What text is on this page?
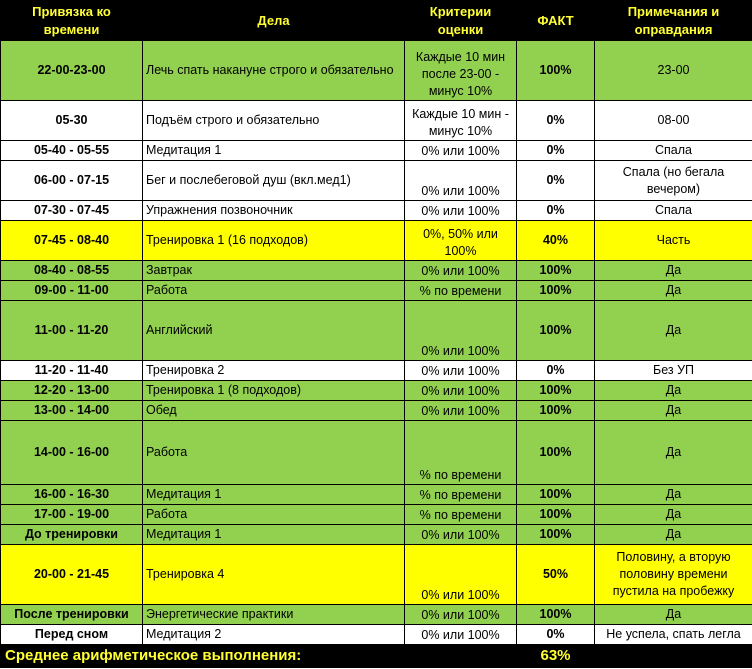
Привязка ко времени	Дела	Критерии оценки	ФАКТ	Примечания и оправдания
22-00-23-00	Лечь спать накануне строго и обязательно	Каждые 10 мин после 23-00 - минус 10%	100%	23-00
05-30	Подъём строго и обязательно	Каждые 10 мин - минус 10%	0%	08-00
05-40 - 05-55	Медитация 1	0% или 100%	0%	Спала
06-00 - 07-15	Бег и послебеговой душ (вкл.мед1)	0% или 100%	0%	Спала (но бегала вечером)
07-30 - 07-45	Упражнения позвоночник	0% или 100%	0%	Спала
07-45 - 08-40	Тренировка 1 (16 подходов)	0%, 50% или 100%	40%	Часть
08-40 - 08-55	Завтрак	0% или 100%	100%	Да
09-00 - 11-00	Работа	% по времени	100%	Да
11-00 - 11-20	Английский	0% или 100%	100%	Да
11-20 - 11-40	Тренировка 2	0% или 100%	0%	Без УП
12-20 - 13-00	Тренировка 1 (8 подходов)	0% или 100%	100%	Да
13-00 - 14-00	Обед	0% или 100%	100%	Да
14-00 - 16-00	Работа	% по времени	100%	Да
16-00 - 16-30	Медитация 1	% по времени	100%	Да
17-00 - 19-00	Работа	% по времени	100%	Да
До тренировки	Медитация 1	0% или 100%	100%	Да
20-00 - 21-45	Тренировка 4	0% или 100%	50%	Половину, а вторую половину времени пустила на пробежку
После тренировки	Энергетические практики	0% или 100%	100%	Да
Перед сном	Медитация 2	0% или 100%	0%	Не успела, спать легла
Среднее арифметическое выполнения:			63%	
